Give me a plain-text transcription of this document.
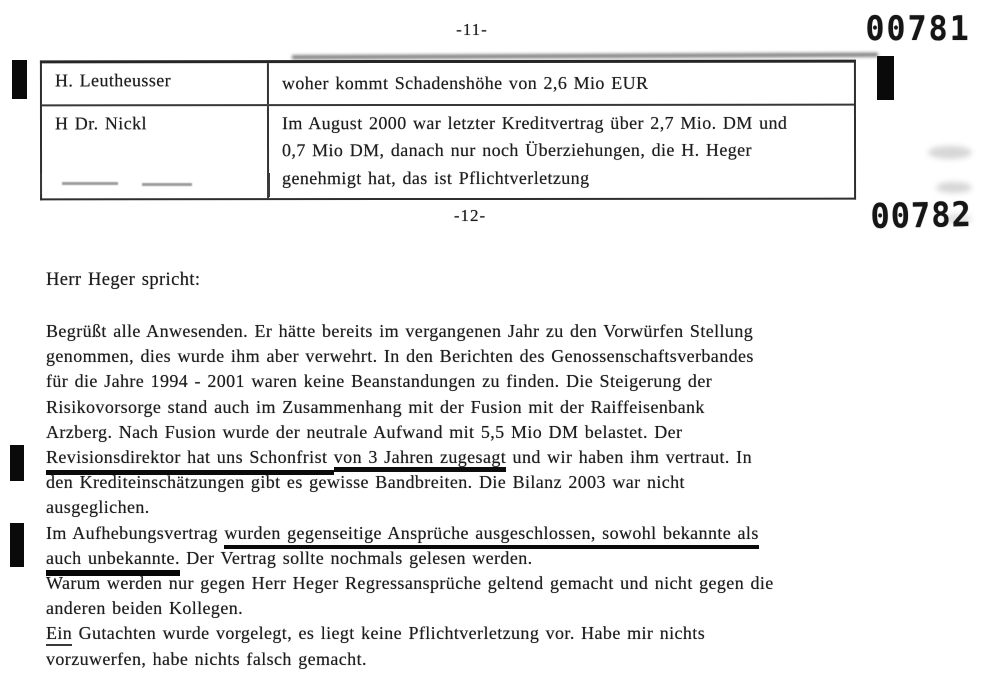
-11-	00781
H. Leutheusser	woher kommt Schadenshöhe von 2,6 Mio EUR
H Dr. Nickl	Im August 2000 war letzter Kreditvertrag über 2,7 Mio. DM und
0,7 Mio DM, danach nur noch Überziehungen, die H. Heger
genehmigt hat, das ist Pflichtverletzung
-12-	00782
Herr Heger spricht:
Begrüßt alle Anwesenden. Er hätte bereits im vergangenen Jahr zu den Vorwürfen Stellung
genommen, dies wurde ihm aber verwehrt. In den Berichten des Genossenschaftsverbandes
für die Jahre 1994 - 2001 waren keine Beanstandungen zu finden. Die Steigerung der
Risikovorsorge stand auch im Zusammenhang mit der Fusion mit der Raiffeisenbank
Arzberg. Nach Fusion wurde der neutrale Aufwand mit 5,5 Mio DM belastet. Der
Revisionsdirektor hat uns Schonfrist von 3 Jahren zugesagt und wir haben ihm vertraut. In
den Krediteinschätzungen gibt es gewisse Bandbreiten. Die Bilanz 2003 war nicht
ausgeglichen.
Im Aufhebungsvertrag wurden gegenseitige Ansprüche ausgeschlossen, sowohl bekannte als
auch unbekannte. Der Vertrag sollte nochmals gelesen werden.
Warum werden nur gegen Herr Heger Regressansprüche geltend gemacht und nicht gegen die
anderen beiden Kollegen.
Ein Gutachten wurde vorgelegt, es liegt keine Pflichtverletzung vor. Habe mir nichts
vorzuwerfen, habe nichts falsch gemacht.
